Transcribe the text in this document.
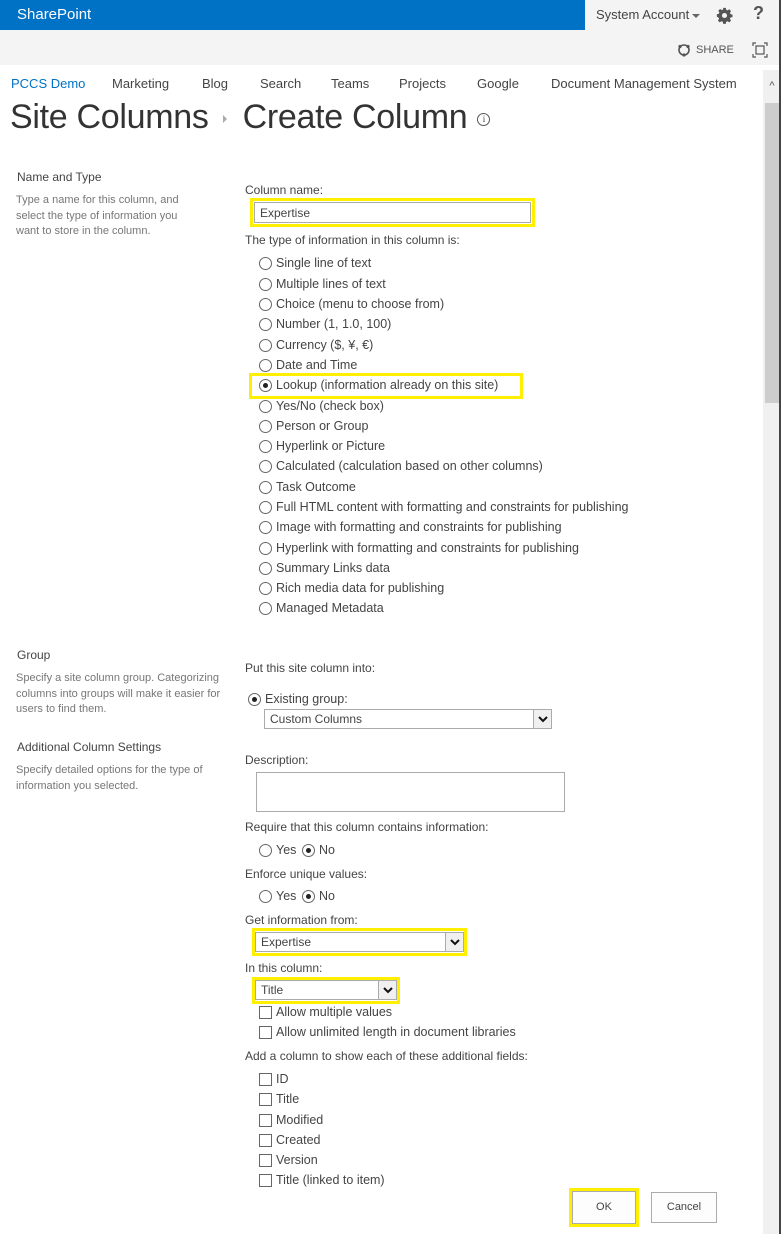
SharePoint	System Account	?
SHARE
PCCS Demo Marketing	Blog Search Teams Projects Google Document Management System
Site Columns Create Column i
^
Name and Type
Type a name for this column, and select the type of information you want to store in the column.
Group
Specify a site column group. Categorizing columns into groups will make it easier for users to find them.
Additional Column Settings
Specify detailed options for the type of information you selected.
Column name:
Expertise
The type of information in this column is:
Single line of text
Multiple lines of text
Choice (menu to choose from)
Number (1, 1.0, 100)
Currency ($, ¥, €)
Date and Time
Lookup (information already on this site)
Yes/No (check box)
Person or Group
Hyperlink or Picture
Calculated (calculation based on other columns)
Task Outcome
Full HTML content with formatting and constraints for publishing
Image with formatting and constraints for publishing
Hyperlink with formatting and constraints for publishing
Summary Links data
Rich media data for publishing
Managed Metadata
Put this site column into:
Existing group:
Custom Columns
Description:
Require that this column contains information:
Yes No
Enforce unique values:
Yes No
Get information from:
Expertise
In this column:
Title
Allow multiple values
Allow unlimited length in document libraries
Add a column to show each of these additional fields:
ID
Title
Modified
Created
Version
Title (linked to item)
OK	Cancel
